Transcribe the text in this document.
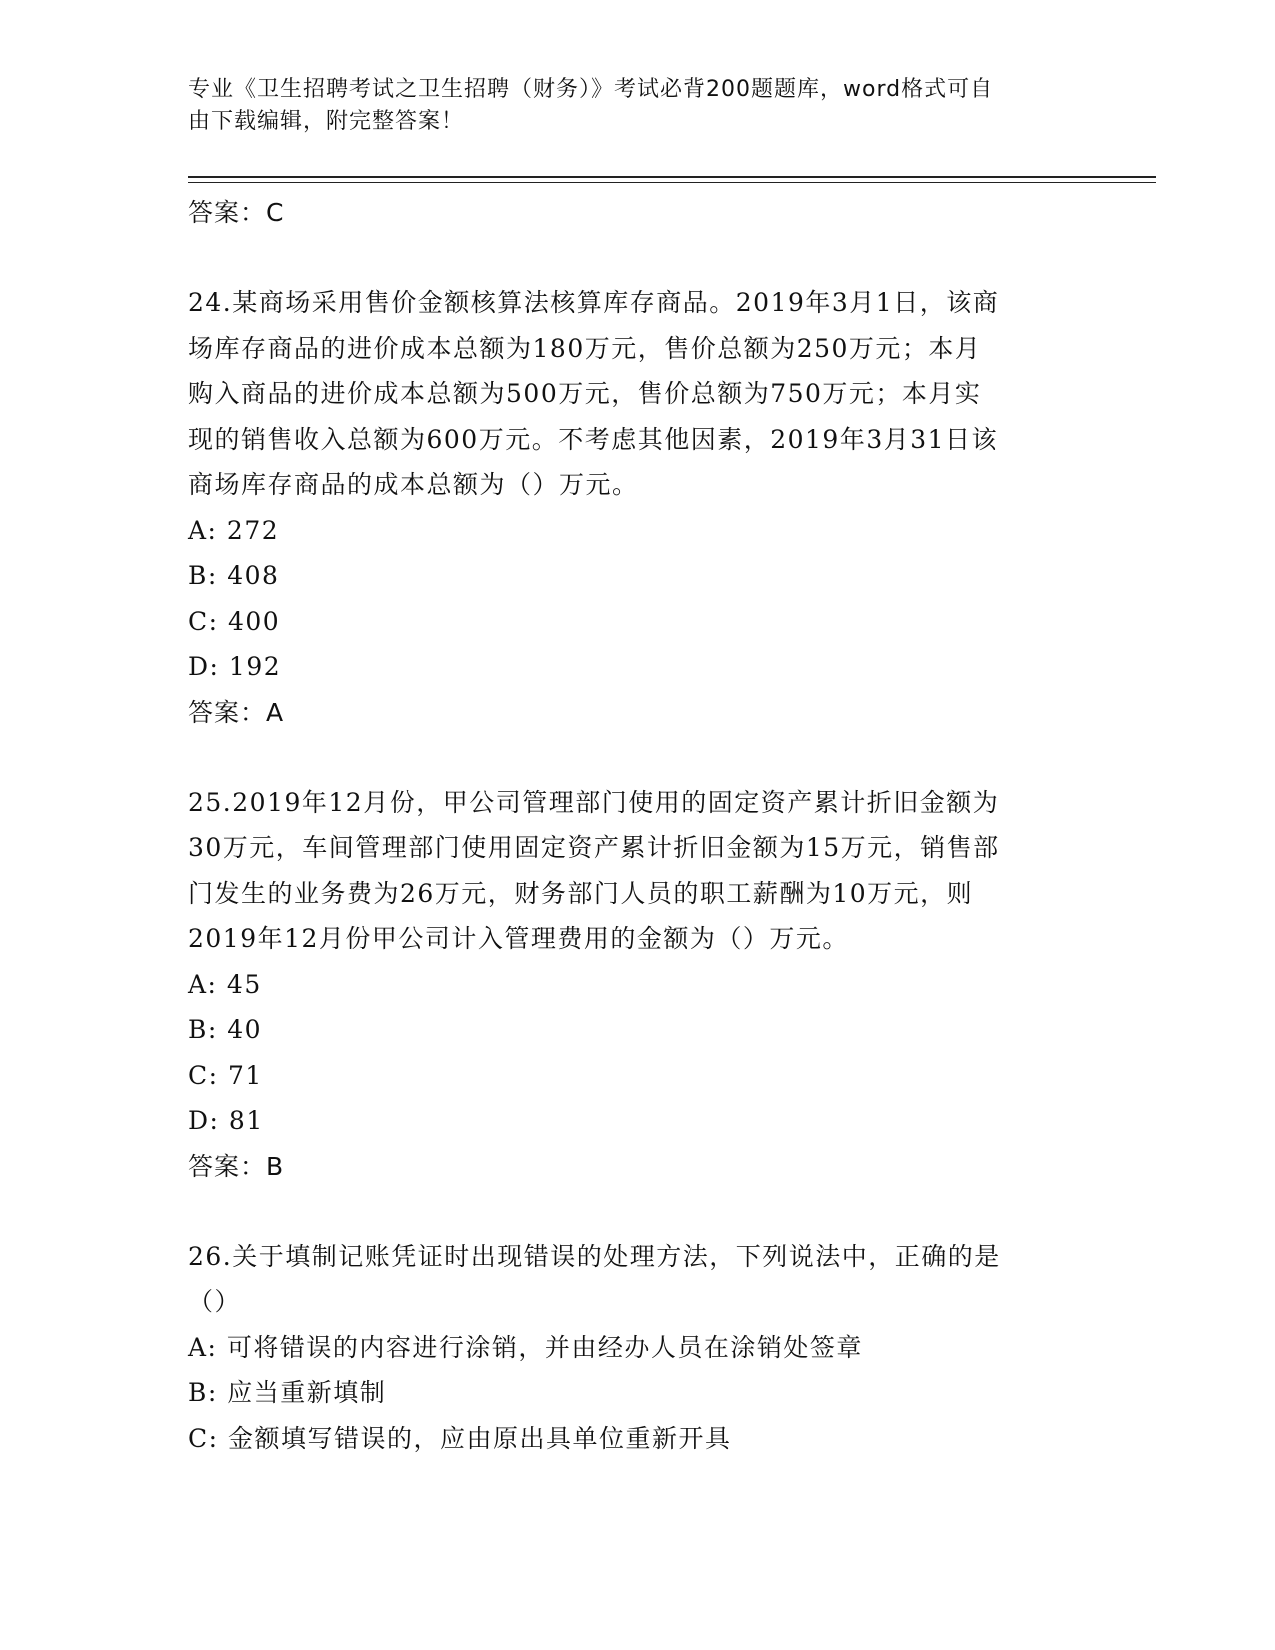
专业《卫生招聘考试之卫生招聘（财务）》考试必背200题题库，word格式可自
由下载编辑，附完整答案！
答案：C
24.某商场采用售价金额核算法核算库存商品。2019年3月1日，该商
场库存商品的进价成本总额为180万元，售价总额为250万元；本月
购入商品的进价成本总额为500万元，售价总额为750万元；本月实
现的销售收入总额为600万元。不考虑其他因素，2019年3月31日该
商场库存商品的成本总额为（）万元。
A: 272
B: 408
C: 400
D: 192
答案：A
25.2019年12月份，甲公司管理部门使用的固定资产累计折旧金额为
30万元，车间管理部门使用固定资产累计折旧金额为15万元，销售部
门发生的业务费为26万元，财务部门人员的职工薪酬为10万元，则
2019年12月份甲公司计入管理费用的金额为（）万元。
A: 45
B: 40
C: 71
D: 81
答案：B
26.关于填制记账凭证时出现错误的处理方法，下列说法中，正确的是
（）
A: 可将错误的内容进行涂销，并由经办人员在涂销处签章
B: 应当重新填制
C: 金额填写错误的，应由原出具单位重新开具
